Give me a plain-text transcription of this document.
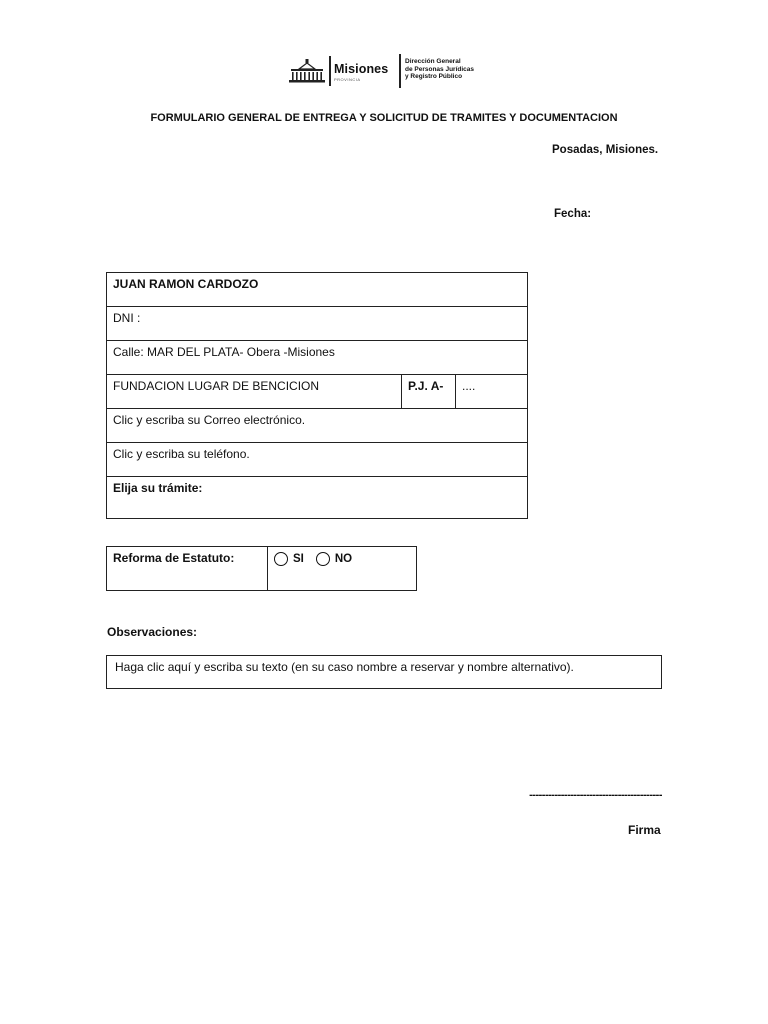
Misiones
PROVINCIA
Dirección General
de Personas Jurídicas
y Registro Público
FORMULARIO GENERAL DE ENTREGA Y SOLICITUD DE TRAMITES Y DOCUMENTACION
Posadas, Misiones.
Fecha:
JUAN RAMON CARDOZO
DNI :
Calle: MAR DEL PLATA- Obera -Misiones
FUNDACION LUGAR DE BENCICION	P.J. A-	....
Clic y escriba su Correo electrónico.
Clic y escriba su teléfono.
Elija su trámite:
Reforma de Estatuto:	SI	NO
Observaciones:
Haga clic aquí y escriba su texto (en su caso nombre a reservar y nombre alternativo).
------------------------------------------
Firma
